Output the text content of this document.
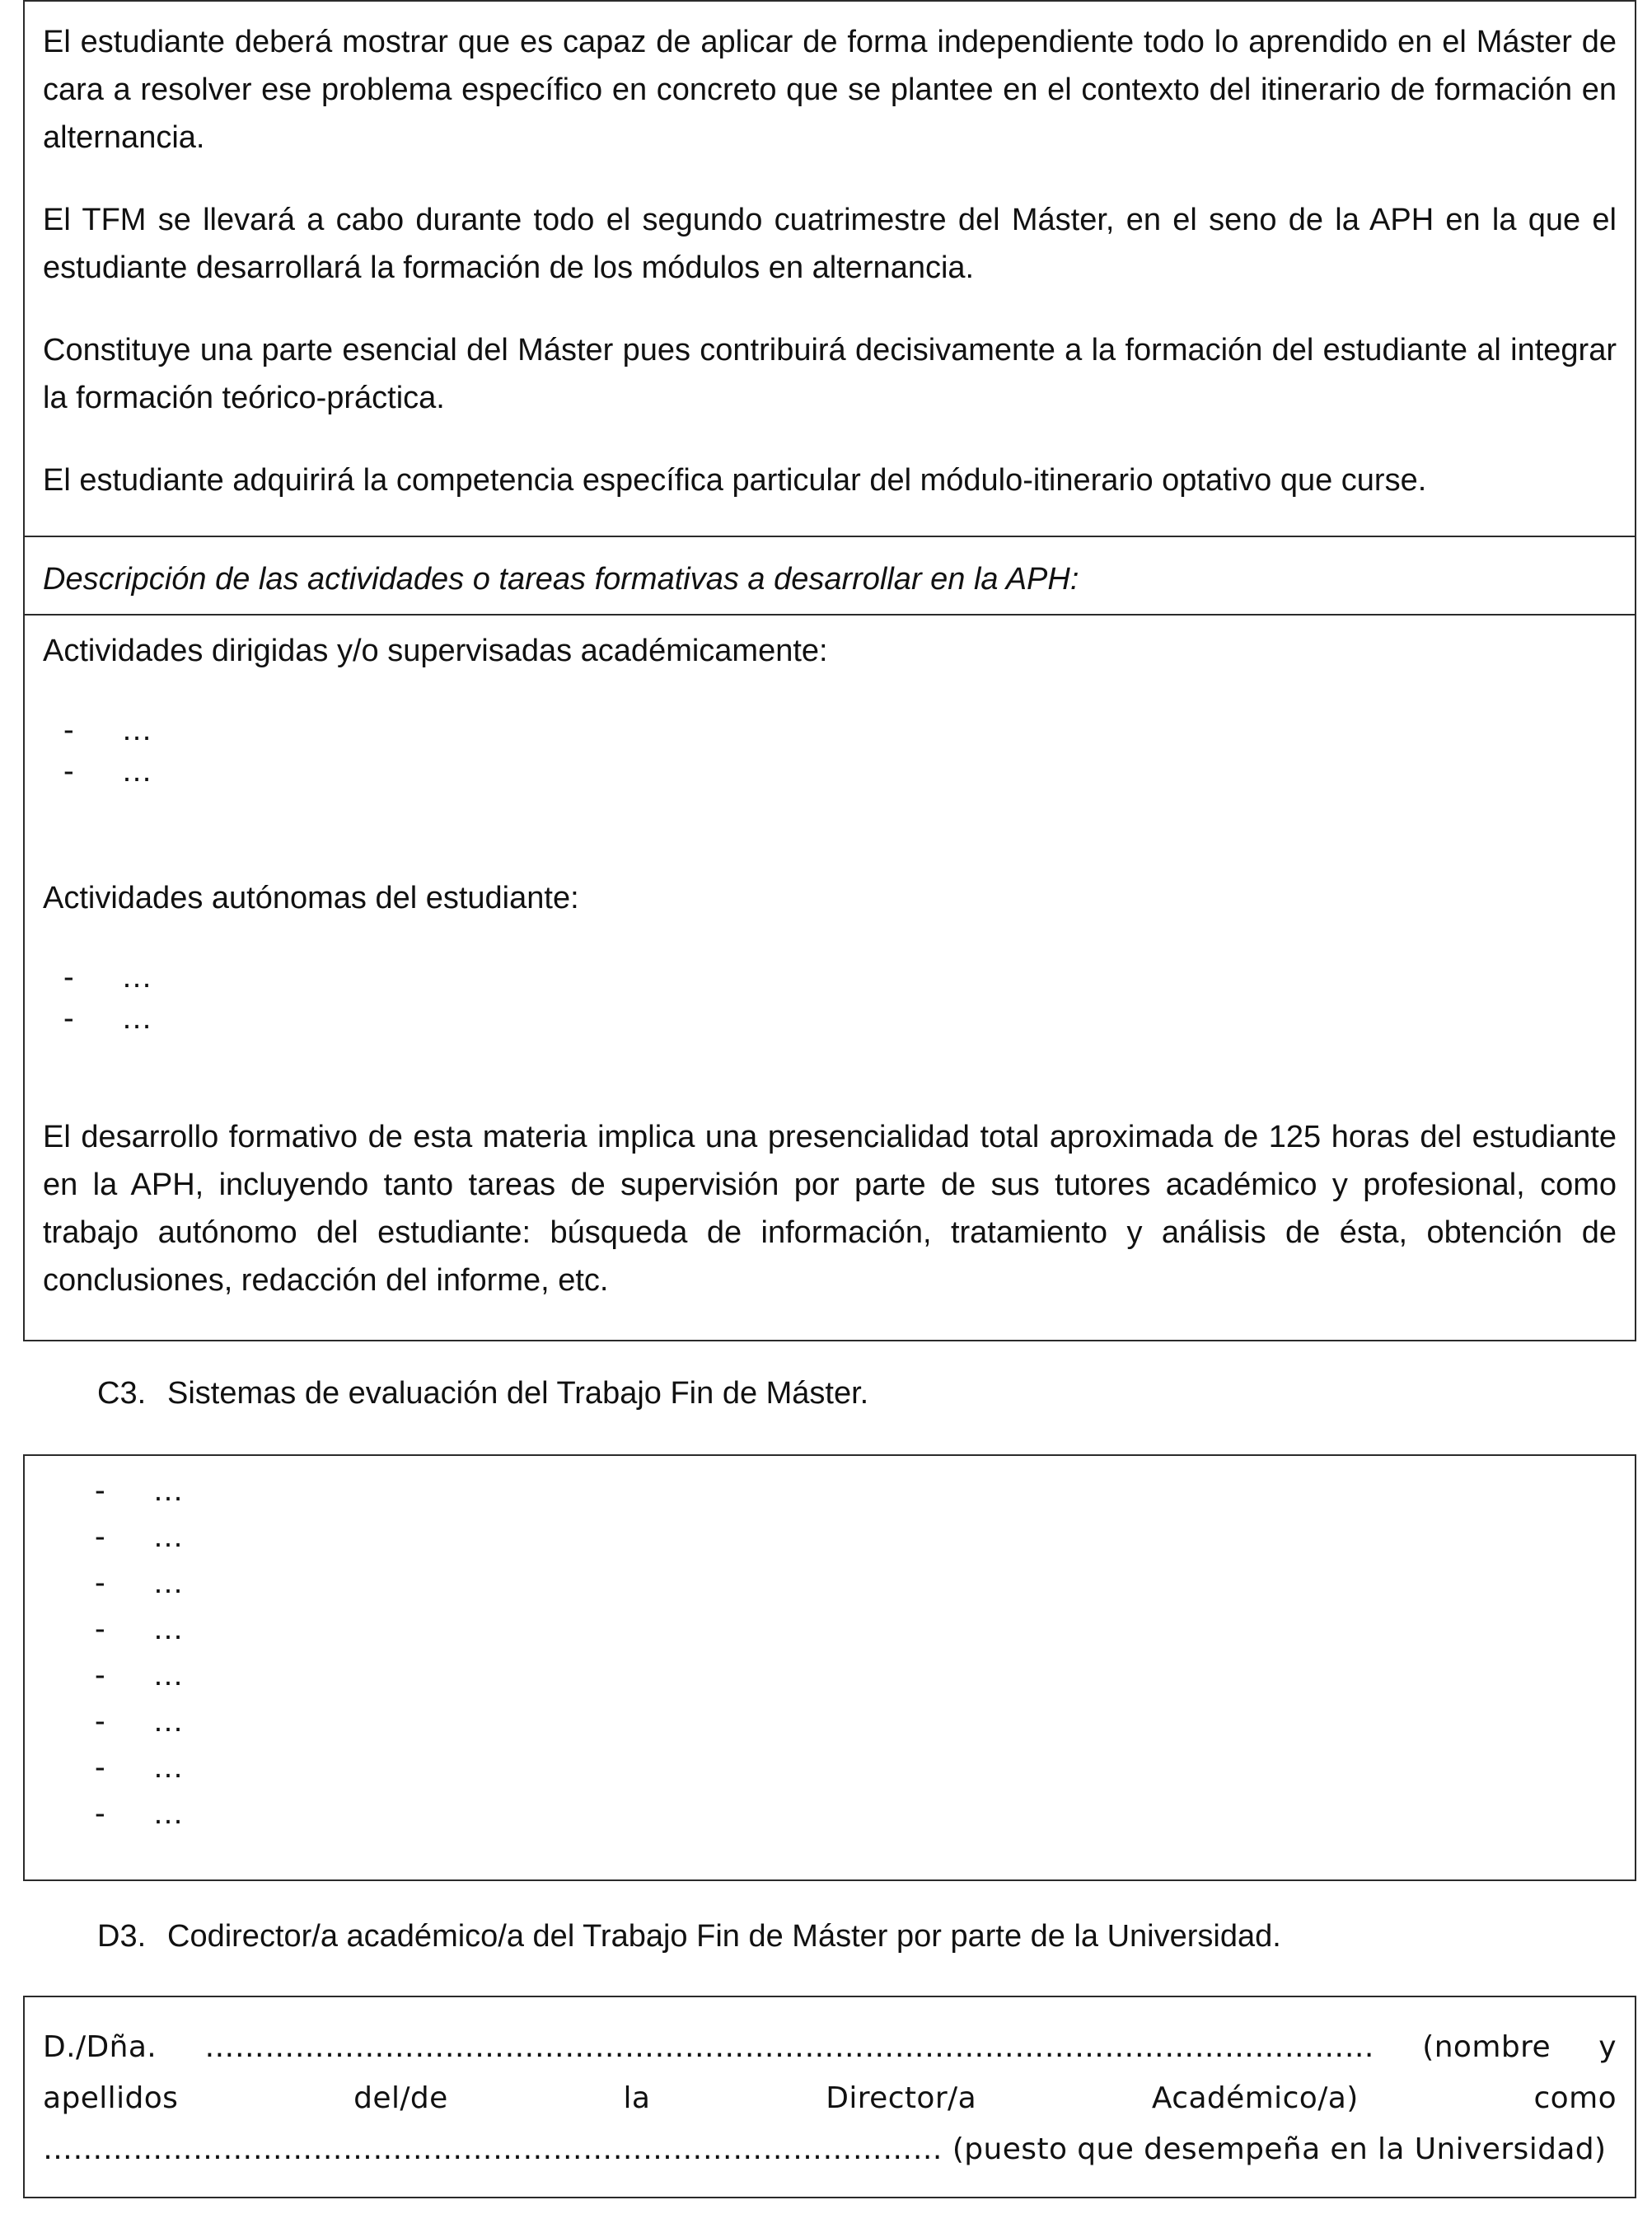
El estudiante deberá mostrar que es capaz de aplicar de forma independiente todo lo aprendido en el Máster de cara a resolver ese problema específico en concreto que se plantee en el contexto del itinerario de formación en alternancia.

El TFM se llevará a cabo durante todo el segundo cuatrimestre del Máster, en el seno de la APH en la que el estudiante desarrollará la formación de los módulos en alternancia.

Constituye una parte esencial del Máster pues contribuirá decisivamente a la formación del estudiante al integrar la formación teórico-práctica.

El estudiante adquirirá la competencia específica particular del módulo-itinerario optativo que curse.

Descripción de las actividades o tareas formativas a desarrollar en la APH:
Actividades dirigidas y/o supervisadas académicamente:
-	…
-	…
Actividades autónomas del estudiante:
-	…
-	…

El desarrollo formativo de esta materia implica una presencialidad total aproximada de 125 horas del estudiante en la APH, incluyendo tanto tareas de supervisión por parte de sus tutores académico y profesional, como trabajo autónomo del estudiante: búsqueda de información, tratamiento y análisis de ésta, obtención de conclusiones, redacción del informe, etc.

C3. Sistemas de evaluación del Trabajo Fin de Máster.
-	…
-	…
-	…
-	…
-	…
-	…
-	…
-	…
D3. Codirector/a académico/a del Trabajo Fin de Máster por parte de la Universidad.

D./Dña. ……………………………………………………………………………………………………… (nombre y apellidos del/de la Director/a Académico/a) como ……………………………………………………………………………… (puesto que desempeña en la Universidad)
